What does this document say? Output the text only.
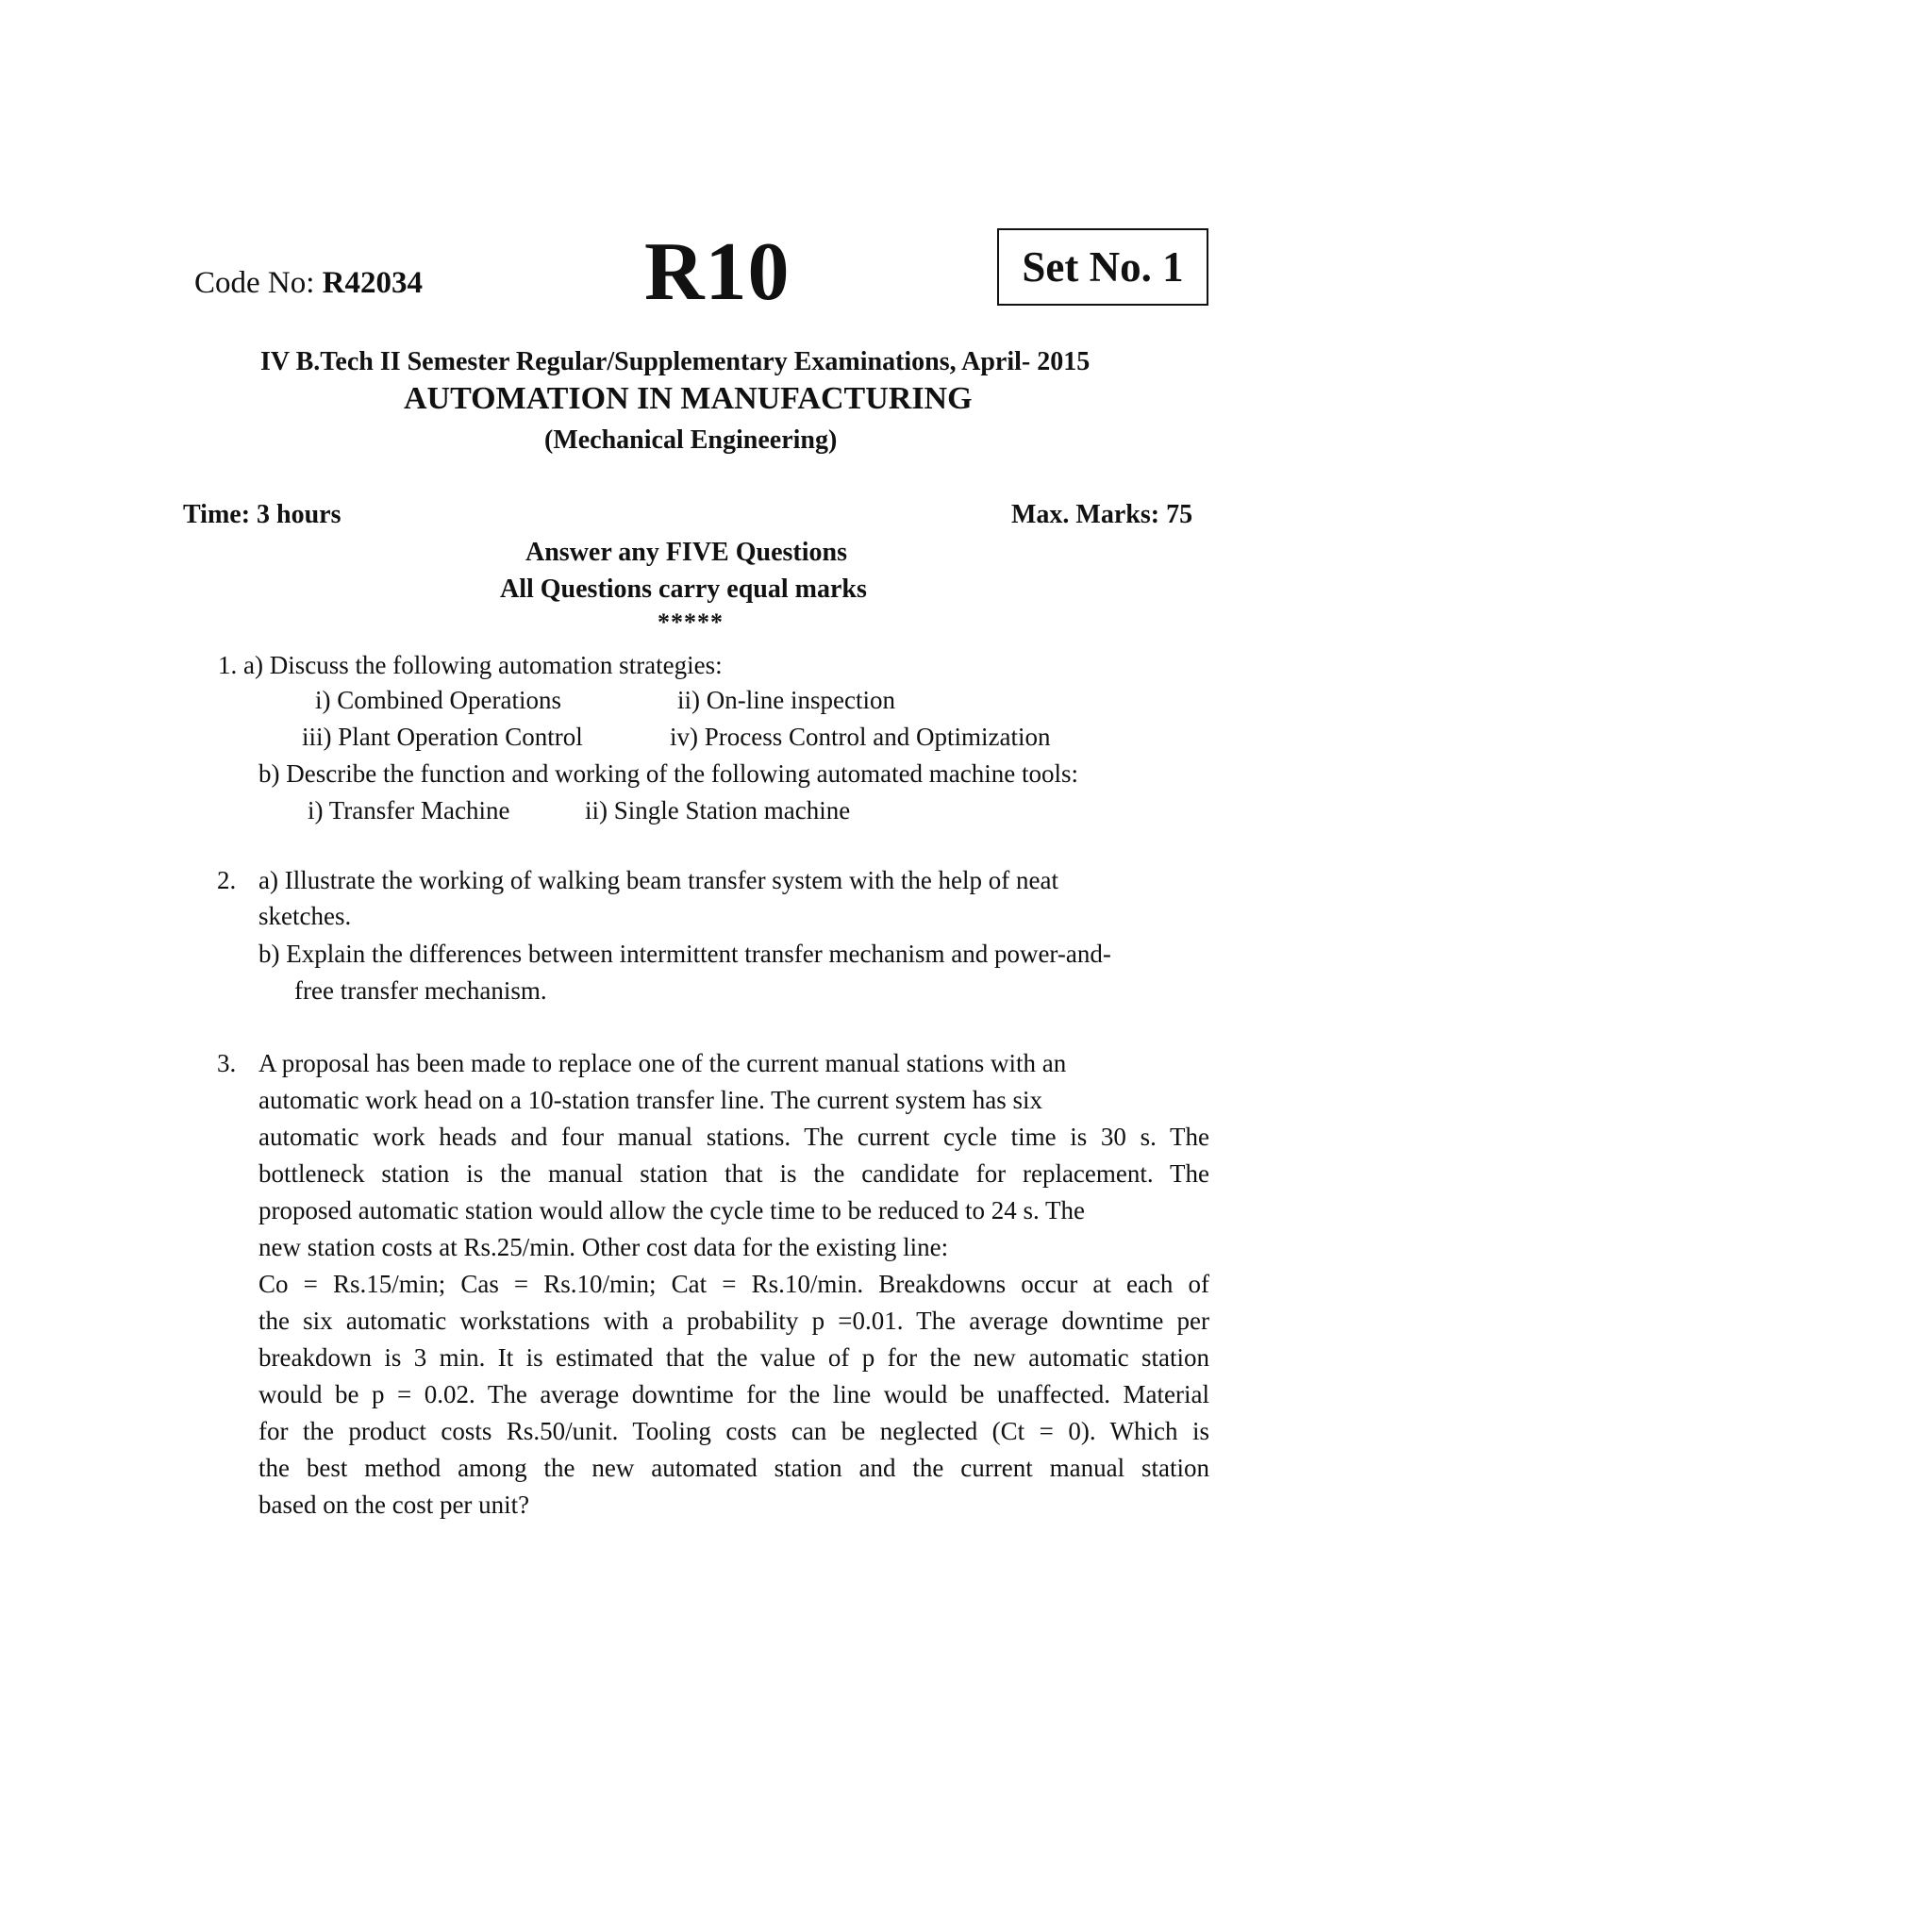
Code No: R42034	R10	Set No. 1
IV B.Tech II Semester Regular/Supplementary Examinations, April- 2015
AUTOMATION IN MANUFACTURING
(Mechanical Engineering)
Time: 3 hours	Max. Marks: 75
Answer any FIVE Questions
All Questions carry equal marks
*****
1. a) Discuss the following automation strategies:
i) Combined Operations	ii) On-line inspection
iii) Plant Operation Control	iv) Process Control and Optimization
b) Describe the function and working of the following automated machine tools:
i) Transfer Machine	ii) Single Station machine
2. a) Illustrate the working of walking beam transfer system with the help of neat
sketches.
b) Explain the differences between intermittent transfer mechanism and power-and-
free transfer mechanism.
3. A proposal has been made to replace one of the current manual stations with an
automatic work head on a 10-station transfer line. The current system has six
automatic work heads and four manual stations. The current cycle time is 30 s. The
bottleneck station is the manual station that is the candidate for replacement. The
proposed automatic station would allow the cycle time to be reduced to 24 s. The
new station costs at Rs.25/min. Other cost data for the existing line:
Co = Rs.15/min; Cas = Rs.10/min; Cat = Rs.10/min. Breakdowns occur at each of
the six automatic workstations with a probability p =0.01. The average downtime per
breakdown is 3 min. It is estimated that the value of p for the new automatic station
would be p = 0.02. The average downtime for the line would be unaffected. Material
for the product costs Rs.50/unit. Tooling costs can be neglected (Ct = 0). Which is
the best method among the new automated station and the current manual station
based on the cost per unit?
